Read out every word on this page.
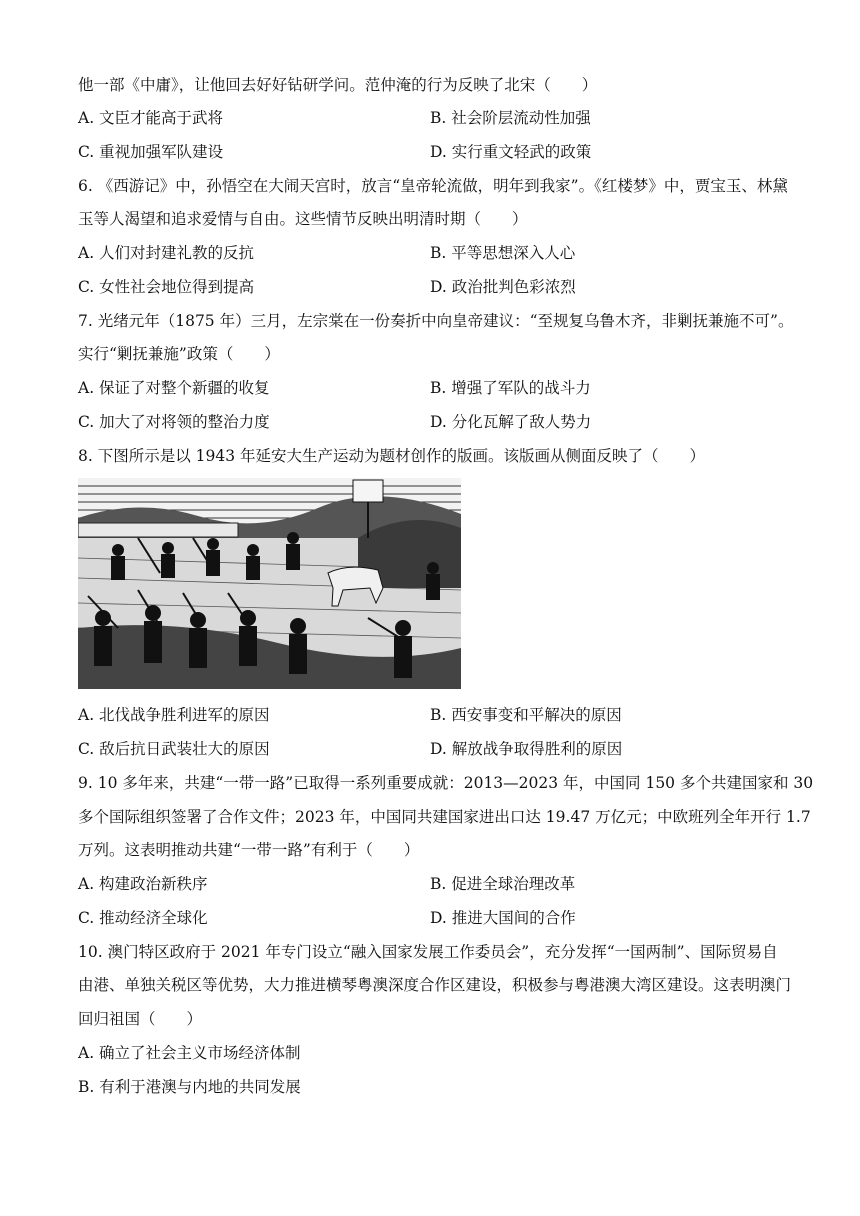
他一部《中庸》，让他回去好好钻研学问。范仲淹的行为反映了北宋（　　）
A. 文臣才能高于武将	B. 社会阶层流动性加强
C. 重视加强军队建设	D. 实行重文轻武的政策
6. 《西游记》中，孙悟空在大闹天宫时，放言“皇帝轮流做，明年到我家”。《红楼梦》中，贾宝玉、林黛
玉等人渴望和追求爱情与自由。这些情节反映出明清时期（　　）
A. 人们对封建礼教的反抗	B. 平等思想深入人心
C. 女性社会地位得到提高	D. 政治批判色彩浓烈
7. 光绪元年（1875 年）三月，左宗棠在一份奏折中向皇帝建议：“至规复乌鲁木齐，非剿抚兼施不可”。
实行“剿抚兼施”政策（　　）
A. 保证了对整个新疆的收复	B. 增强了军队的战斗力
C. 加大了对将领的整治力度	D. 分化瓦解了敌人势力
8. 下图所示是以 1943 年延安大生产运动为题材创作的版画。该版画从侧面反映了（　　）
A. 北伐战争胜利进军的原因	B. 西安事变和平解决的原因
C. 敌后抗日武装壮大的原因	D. 解放战争取得胜利的原因
9. 10 多年来，共建“一带一路”已取得一系列重要成就：2013—2023 年，中国同 150 多个共建国家和 30
多个国际组织签署了合作文件；2023 年，中国同共建国家进出口达 19.47 万亿元；中欧班列全年开行 1.7
万列。这表明推动共建“一带一路”有利于（　　）
A. 构建政治新秩序	B. 促进全球治理改革
C. 推动经济全球化	D. 推进大国间的合作
10. 澳门特区政府于 2021 年专门设立“融入国家发展工作委员会”，充分发挥“一国两制”、国际贸易自
由港、单独关税区等优势，大力推进横琴粤澳深度合作区建设，积极参与粤港澳大湾区建设。这表明澳门
回归祖国（　　）
A. 确立了社会主义市场经济体制
B. 有利于港澳与内地的共同发展
